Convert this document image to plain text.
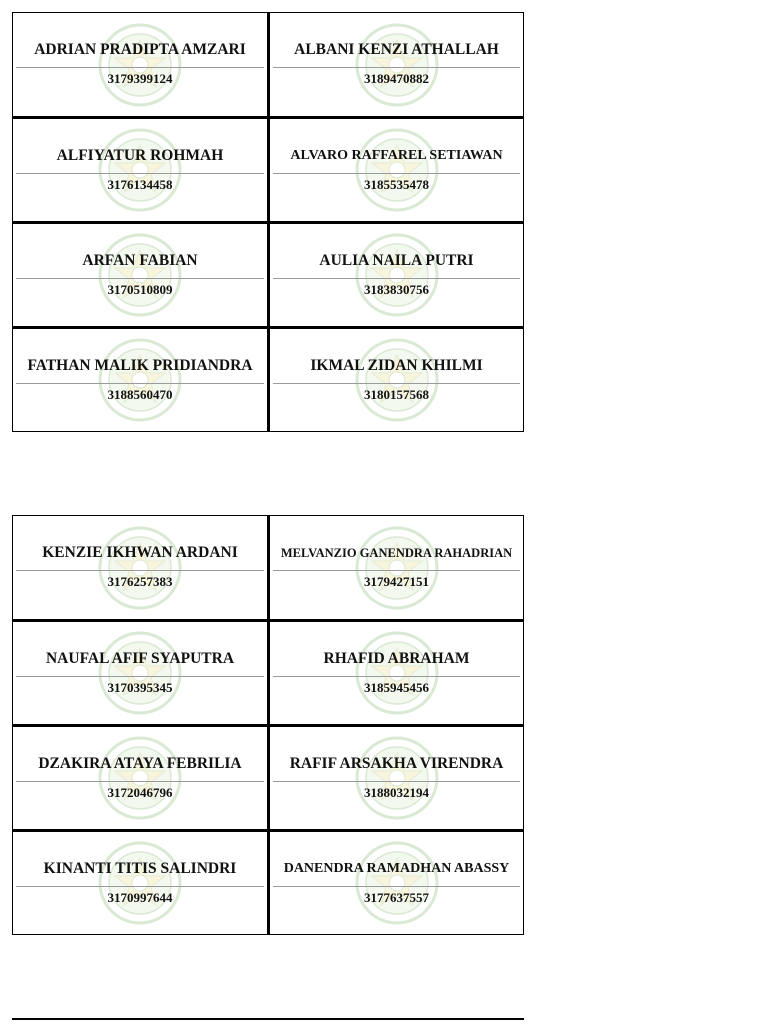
ADRIAN PRADIPTA AMZARI
3179399124
ALBANI KENZI ATHALLAH
3189470882
ALFIYATUR ROHMAH
3176134458
ALVARO RAFFAREL SETIAWAN
3185535478
ARFAN FABIAN
3170510809
AULIA NAILA PUTRI
3183830756
FATHAN MALIK PRIDIANDRA
3188560470
IKMAL ZIDAN KHILMI
3180157568
KENZIE IKHWAN ARDANI
3176257383
MELVANZIO GANENDRA RAHADRIAN
3179427151
NAUFAL AFIF SYAPUTRA
3170395345
RHAFID ABRAHAM
3185945456
DZAKIRA ATAYA FEBRILIA
3172046796
RAFIF ARSAKHA VIRENDRA
3188032194
KINANTI TITIS SALINDRI
3170997644
DANENDRA RAMADHAN ABASSY
3177637557
